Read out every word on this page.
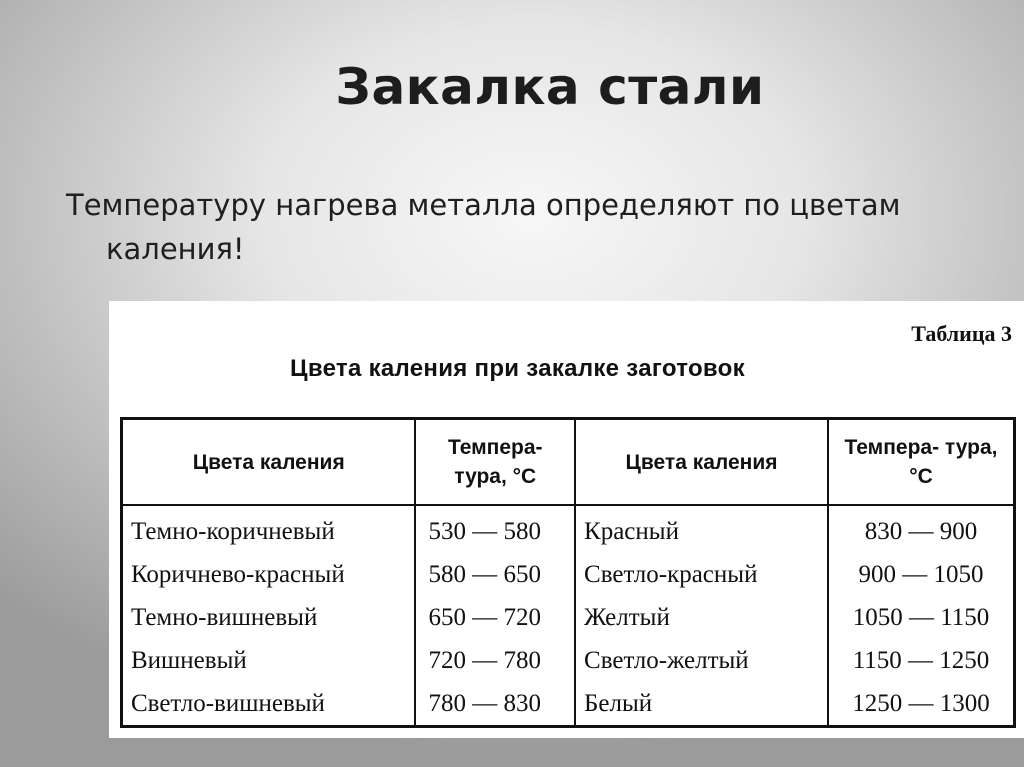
Закалка стали
Температуру нагрева металла определяют по цветам
каления!
Таблица 3
Цвета каления при закалке заготовок
Цвета каления	Темпера- тура, °С	Цвета каления	Темпера- тура, °С
Темно-коричневый	530 — 580	Красный	830 — 900
Коричнево-красный	580 — 650	Светло-красный	900 — 1050
Темно-вишневый	650 — 720	Желтый	1050 — 1150
Вишневый	720 — 780	Светло-желтый	1150 — 1250
Светло-вишневый	780 — 830	Белый	1250 — 1300
